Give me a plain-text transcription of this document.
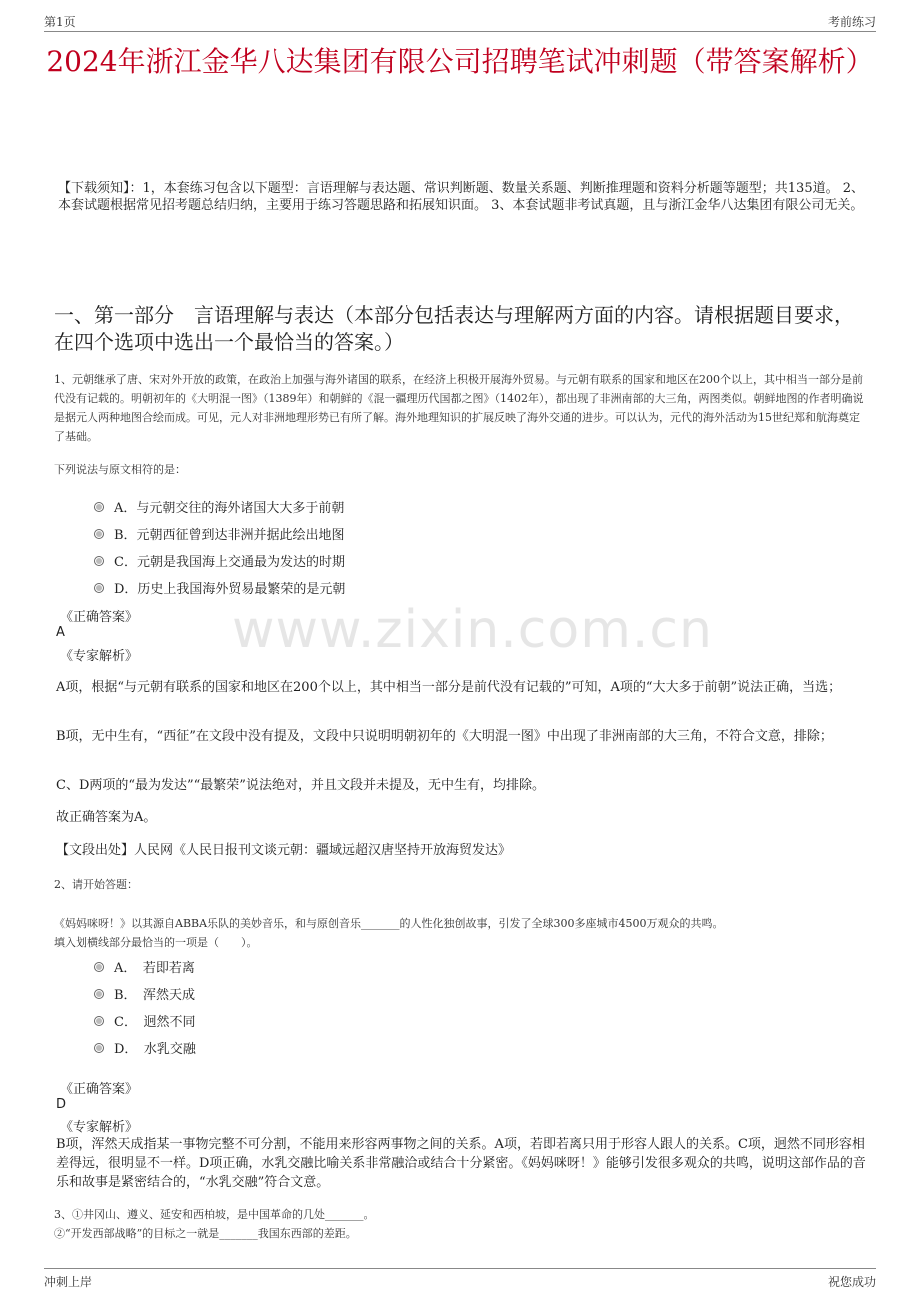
第1页	考前练习
2024年浙江金华八达集团有限公司招聘笔试冲刺题（带答案解析）
【下载须知】：1，本套练习包含以下题型：言语理解与表达题、常识判断题、数量关系题、判断推理题和资料分析题等题型；共135道。 2、本套试题根据常见招考题总结归纳，主要用于练习答题思路和拓展知识面。 3、本套试题非考试真题，且与浙江金华八达集团有限公司无关。
一、第一部分　言语理解与表达（本部分包括表达与理解两方面的内容。请根据题目要求，在四个选项中选出一个最恰当的答案。）
1、元朝继承了唐、宋对外开放的政策，在政治上加强与海外诸国的联系，在经济上积极开展海外贸易。与元朝有联系的国家和地区在200个以上，其中相当一部分是前代没有记载的。明朝初年的《大明混一图》（1389年）和朝鲜的《混一疆理历代国都之图》（1402年），都出现了非洲南部的大三角，两图类似。朝鲜地图的作者明确说是据元人两种地图合绘而成。可见，元人对非洲地理形势已有所了解。海外地理知识的扩展反映了海外交通的进步。可以认为，元代的海外活动为15世纪郑和航海奠定了基础。
下列说法与原文相符的是：
A．与元朝交往的海外诸国大大多于前朝
B．元朝西征曾到达非洲并据此绘出地图
C．元朝是我国海上交通最为发达的时期
D．历史上我国海外贸易最繁荣的是元朝
《正确答案》
A
《专家解析》
A项，根据“与元朝有联系的国家和地区在200个以上，其中相当一部分是前代没有记载的”可知，A项的“大大多于前朝”说法正确，当选；
B项，无中生有，“西征”在文段中没有提及，文段中只说明明朝初年的《大明混一图》中出现了非洲南部的大三角，不符合文意，排除；
C、D两项的“最为发达”“最繁荣”说法绝对，并且文段并未提及，无中生有，均排除。
故正确答案为A。
【文段出处】人民网《人民日报刊文谈元朝：疆域远超汉唐坚持开放海贸发达》
www.zixin.com.cn
2、请开始答题：
《妈妈咪呀！》以其源自ABBA乐队的美妙音乐，和与原创音乐_______的人性化独创故事，引发了全球300多座城市4500万观众的共鸣。
填入划横线部分最恰当的一项是（　　）。
A．　若即若离
B．　浑然天成
C．　迥然不同
D．　水乳交融
《正确答案》
D
《专家解析》
B项，浑然天成指某一事物完整不可分割，不能用来形容两事物之间的关系。A项，若即若离只用于形容人跟人的关系。C项，迥然不同形容相差得远，很明显不一样。D项正确，水乳交融比喻关系非常融洽或结合十分紧密。《妈妈咪呀！》能够引发很多观众的共鸣，说明这部作品的音乐和故事是紧密结合的，“水乳交融”符合文意。
3、①井冈山、遵义、延安和西柏坡，是中国革命的几处_______。
②“开发西部战略”的目标之一就是_______我国东西部的差距。
冲刺上岸	祝您成功
